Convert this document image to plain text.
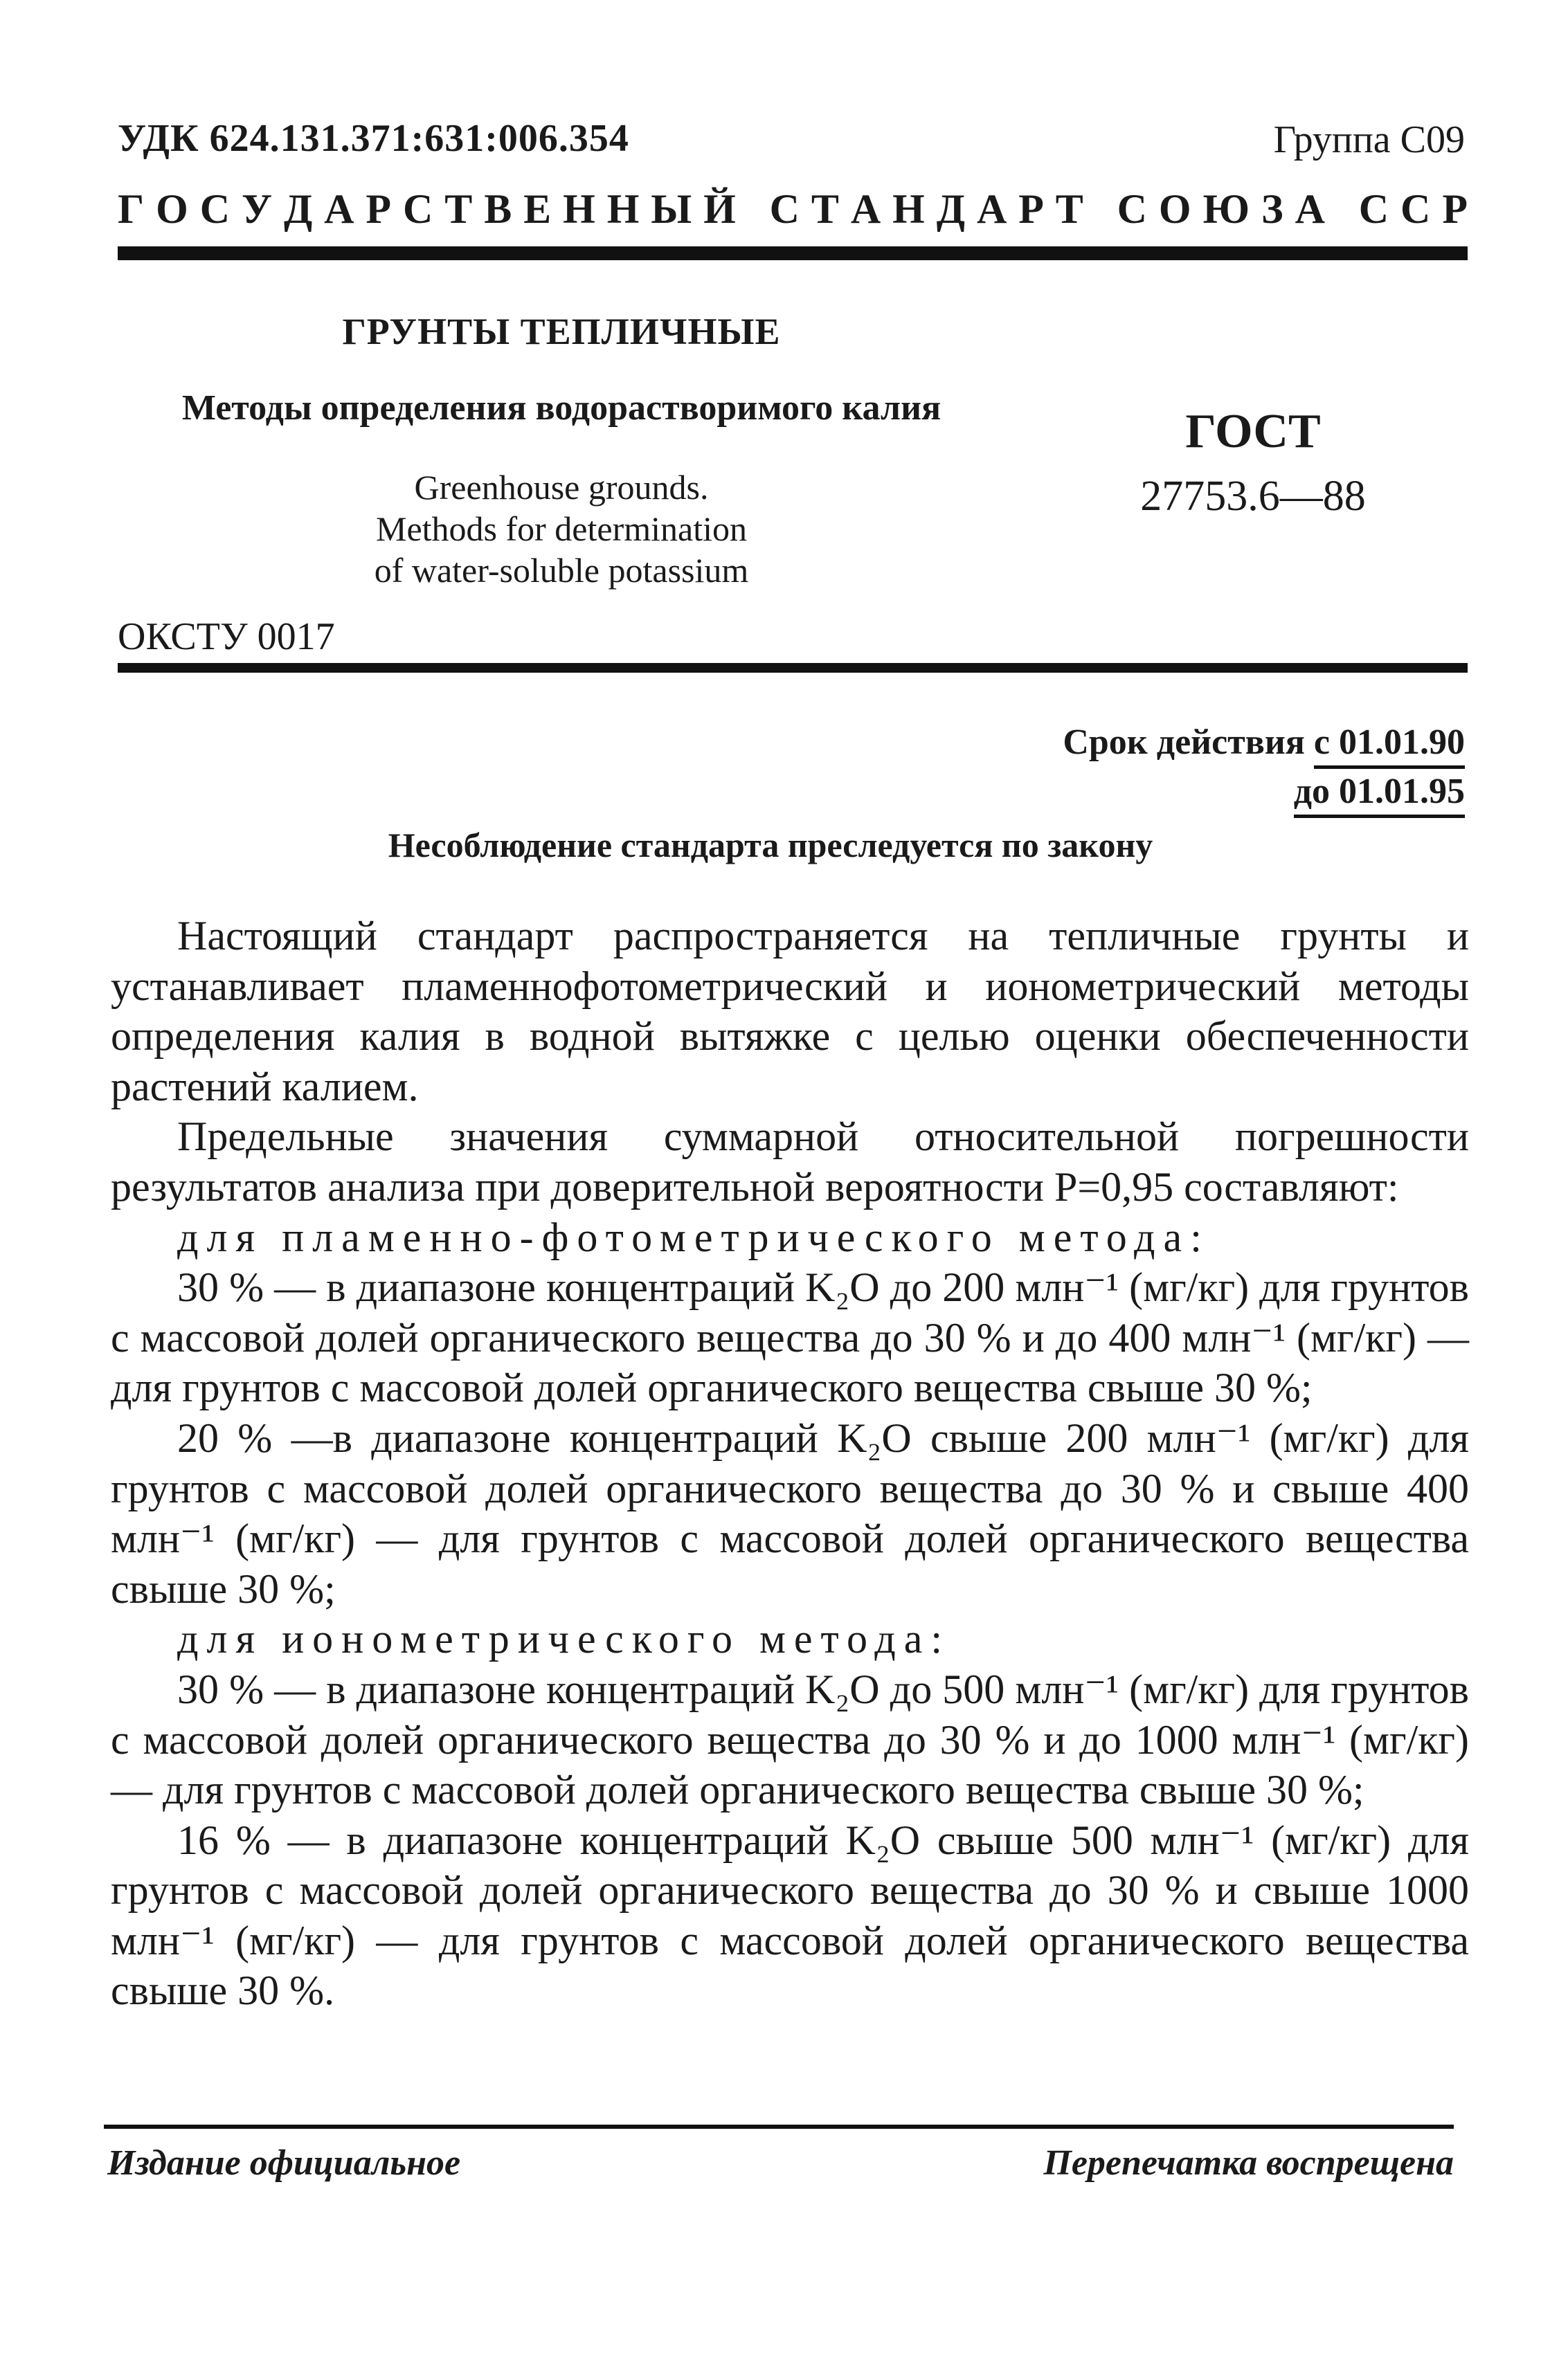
УДК 624.131.371:631:006.354	Группа С09
Г О С У Д А Р С Т В Е Н Н Ы Й
С Т А Н Д А Р Т
С О Ю З А
С С Р
ГРУНТЫ ТЕПЛИЧНЫЕ
Методы определения водорастворимого калия	ГОСТ
27753.6—88
Greenhouse grounds.
Methods for determination
of water-soluble potassium
ОКСТУ 0017
Срок действия с 01.01.90
до 01.01.95
Несоблюдение стандарта преследуется по закону

Настоящий стандарт распространяется на тепличные грунты и устанавливает пламеннофотометрический и ионометрический методы определения калия в водной вытяжке с целью оценки обеспеченности растений калием.

Предельные значения суммарной относительной погрешности результатов анализа при доверительной вероятности P=0,95 составляют:

для пламенно-фотометрического метода:

30 % — в диапазоне концентраций K₂O до 200 млн⁻¹ (мг/кг) для грунтов с массовой долей органического вещества до 30 % и до 400 млн⁻¹ (мг/кг) — для грунтов с массовой долей органического вещества свыше 30 %;

20 % —в диапазоне концентраций K₂O свыше 200 млн⁻¹ (мг/кг) для грунтов с массовой долей органического вещества до 30 % и свыше 400 млн⁻¹ (мг/кг) — для грунтов с массовой долей органического вещества свыше 30 %;

для ионометрического метода:

30 % — в диапазоне концентраций K₂O до 500 млн⁻¹ (мг/кг) для грунтов с массовой долей органического вещества до 30 % и до 1000 млн⁻¹ (мг/кг) — для грунтов с массовой долей органического вещества свыше 30 %;

16 % — в диапазоне концентраций K₂O свыше 500 млн⁻¹ (мг/кг) для грунтов с массовой долей органического вещества до 30 % и свыше 1000 млн⁻¹ (мг/кг) — для грунтов с массовой долей органического вещества свыше 30 %.

Издание официальное	Перепечатка воспрещена
